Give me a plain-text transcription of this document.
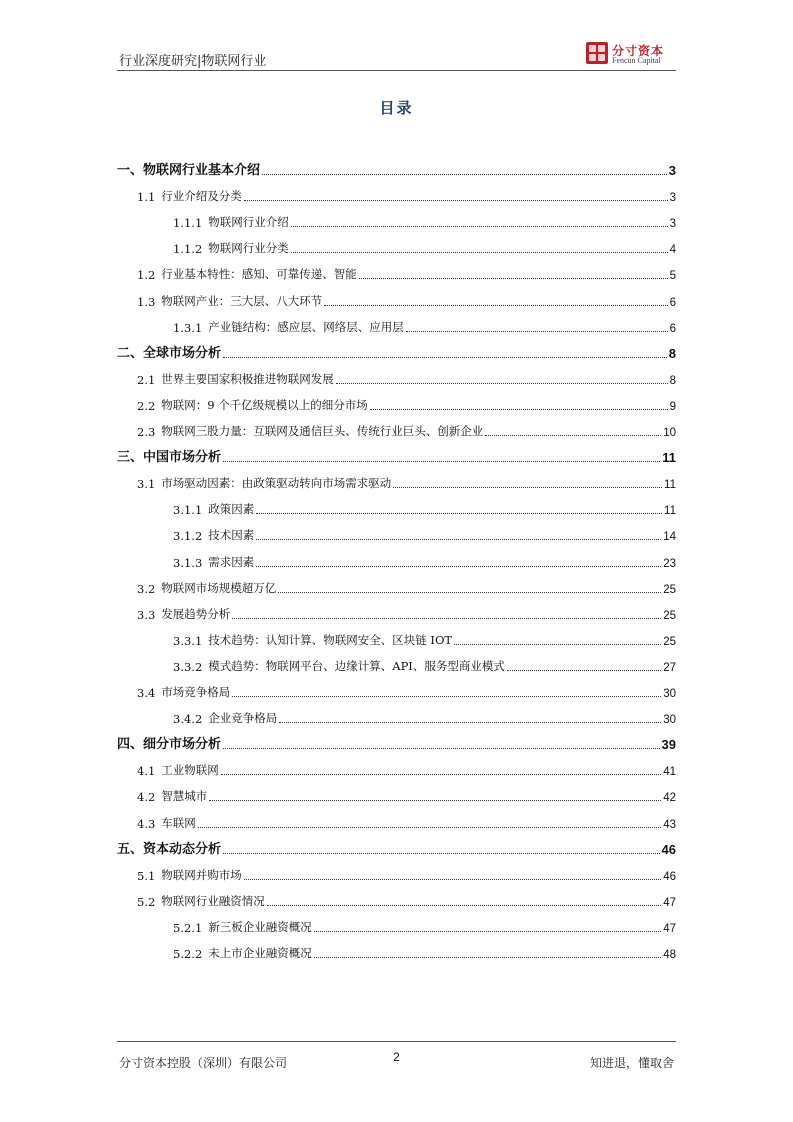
行业深度研究|物联网行业
分寸资本
Fencun Capital
目录
一、 物联网行业基本介绍	3
1.1 行业介绍及分类	3
1.1.1 物联网行业介绍	3
1.1.2 物联网行业分类	4
1.2 行业基本特性：感知、可靠传递、智能	5
1.3 物联网产业：三大层、八大环节	6
1.3.1 产业链结构：感应层、网络层、应用层	6
二、 全球市场分析	8
2.1 世界主要国家积极推进物联网发展	8
2.2 物联网：9 个千亿级规模以上的细分市场	9
2.3 物联网三股力量：互联网及通信巨头、传统行业巨头、创新企业	10
三、 中国市场分析	11
3.1 市场驱动因素：由政策驱动转向市场需求驱动	11
3.1.1 政策因素	11
3.1.2 技术因素	14
3.1.3 需求因素	23
3.2 物联网市场规模超万亿	25
3.3 发展趋势分析	25
3.3.1 技术趋势：认知计算、物联网安全、区块链 IOT	25
3.3.2 模式趋势：物联网平台、边缘计算、API、服务型商业模式	27
3.4 市场竞争格局	30
3.4.2 企业竞争格局	30
四、 细分市场分析	39
4.1 工业物联网	41
4.2 智慧城市	42
4.3 车联网	43
五、 资本动态分析	46
5.1 物联网并购市场	46
5.2 物联网行业融资情况	47
5.2.1 新三板企业融资概况	47
5.2.2 未上市企业融资概况	48
分寸资本控股（深圳）有限公司	2	知进退，懂取舍
